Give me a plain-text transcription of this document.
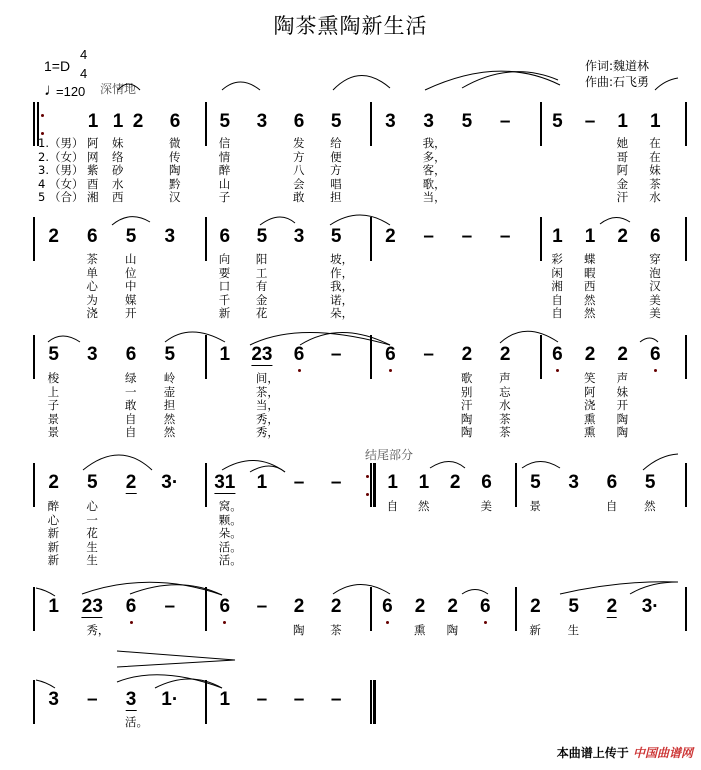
陶茶熏陶新生活
1=D
4
4
♩
=120 深情地
作词:魏道林
作曲:石飞勇
结尾部分
1.（男）
2.（女）
3.（男）
4 （女）
5 （合）
1
阿
网
紫
酉
湘
1
妹
络
砂
水
西
2 6
微
传
陶
黔
汉
5
信
情
醉
山
子
3 6
发
方
八
会
敢
5
给
便
方
唱
担
3 3
我，
多，
客，
歌，
当，
5 – 5 – 1
她
哥
阿
金
汗
1
在
在
妹
茶
水
2 6
茶
单
心
为
浇
5
山
位
中
媒
开
3 6
向
要
口
千
新
5
阳
工
有
金
花
3 5
坡，
作，
我，
诺，
朵，
2 – – – 1
彩
闲
湘
自
自
1
蝶
暇
西
然
然
2 6
穿
泡
汉
美
美
5
梭
上
子
景
景
3 6
绿
一
敢
自
自
5
岭
壶
担
然
然
1 23
间，
茶，
当，
秀，
秀，
6 – 6 – 2
歌
别
汗
陶
陶
2
声
忘
水
茶
茶
6 2
笑
阿
浇
熏
熏
2
声
妹
开
陶
陶
6
2
醉
心
新
新
新
5
心
一
花
生
生
2 3· 31
窝。
颗。
朵。
活。
活。
1 – – 1
自
1
然
2 6
美
5
景
3 6
自
5
然
1 23
秀，
6 – 6 – 2
陶
2
茶
6 2
熏
2
陶
6 2
新
5
生
2 3·
3 – 3
活。
1· 1 – – –
本曲谱上传于 中国曲谱网
